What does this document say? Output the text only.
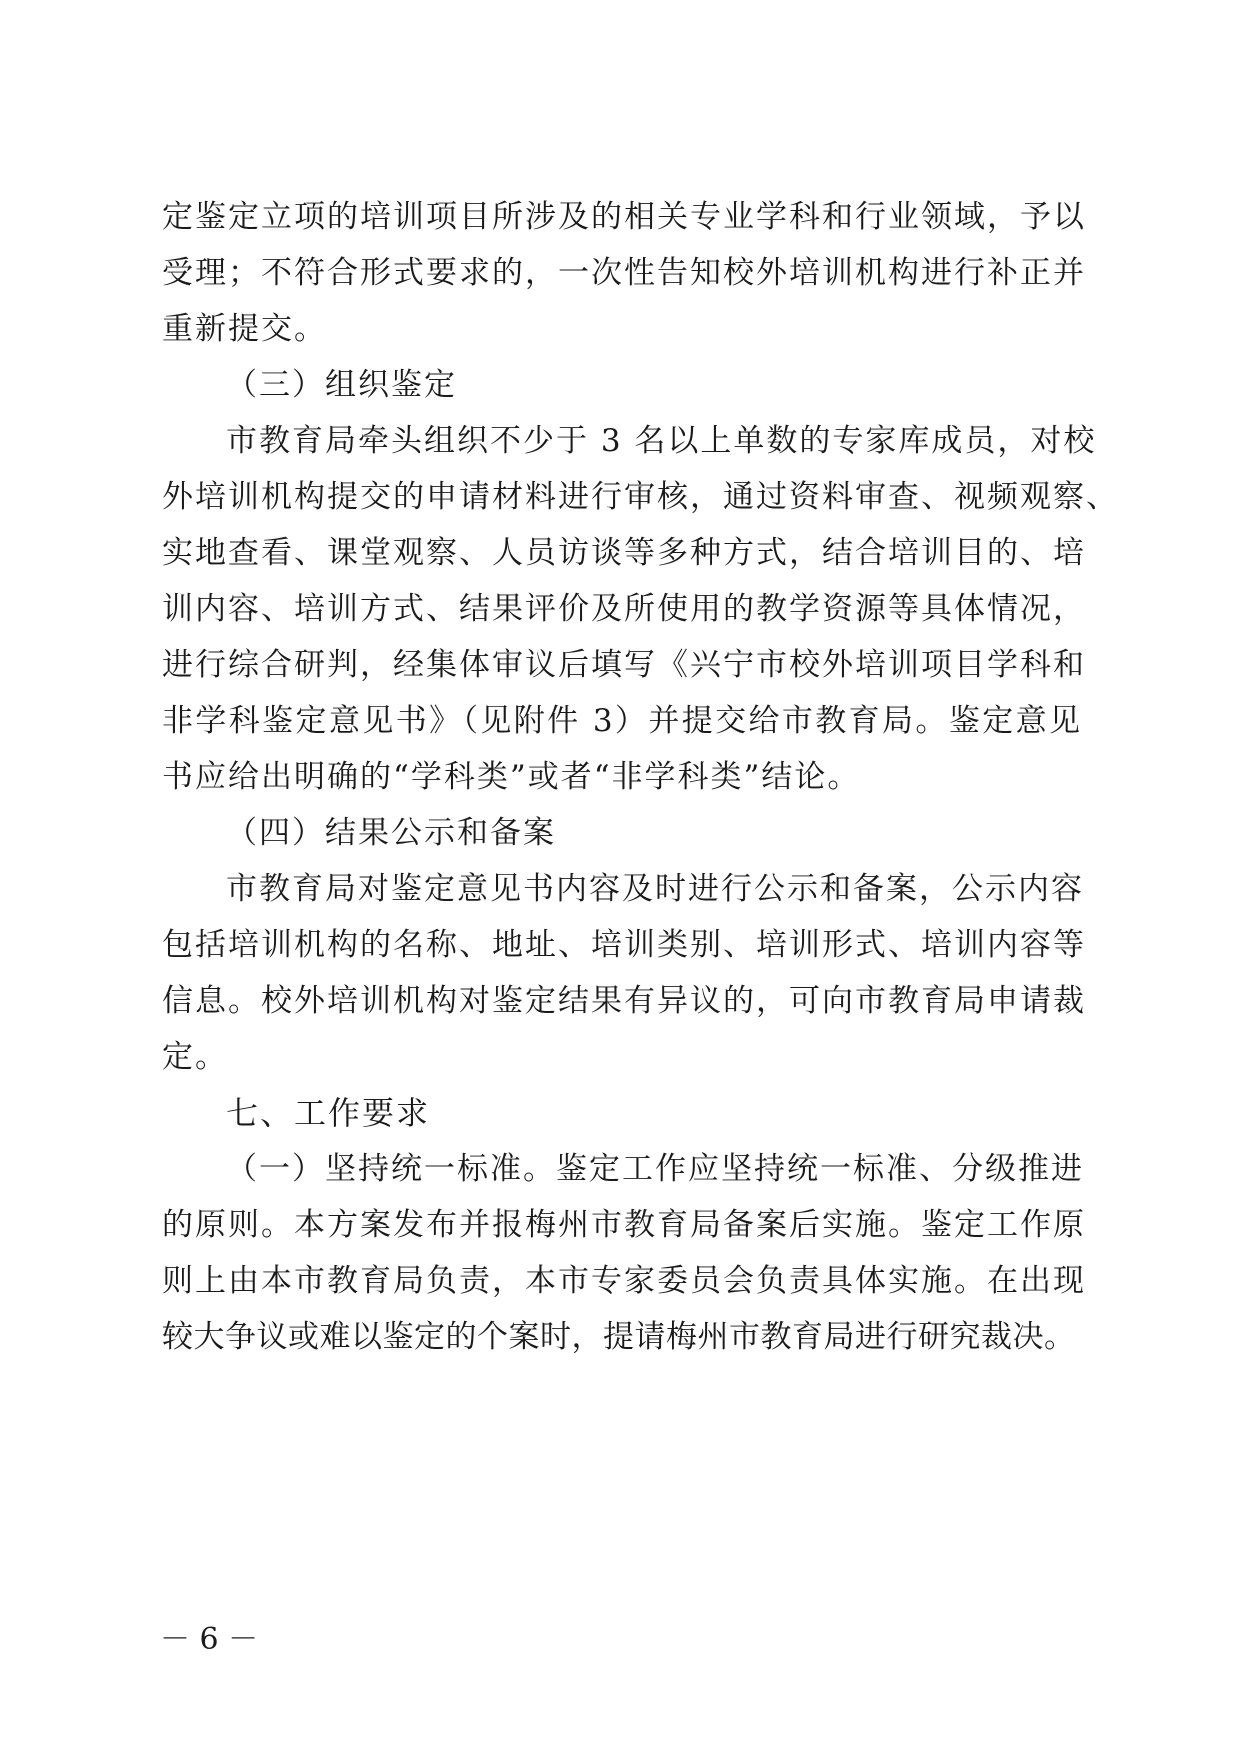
定鉴定立项的培训项目所涉及的相关专业学科和行业领域，予以
受理；不符合形式要求的，一次性告知校外培训机构进行补正并
重新提交。
（三）组织鉴定
市教育局牵头组织不少于 3 名以上单数的专家库成员，对校
外培训机构提交的申请材料进行审核，通过资料审查、视频观察、
实地查看、课堂观察、人员访谈等多种方式，结合培训目的、培
训内容、培训方式、结果评价及所使用的教学资源等具体情况，
进行综合研判，经集体审议后填写《兴宁市校外培训项目学科和
非学科鉴定意见书》（见附件 3）并提交给市教育局。鉴定意见
书应给出明确的“学科类”或者“非学科类”结论。
（四）结果公示和备案
市教育局对鉴定意见书内容及时进行公示和备案，公示内容
包括培训机构的名称、地址、培训类别、培训形式、培训内容等
信息。校外培训机构对鉴定结果有异议的，可向市教育局申请裁
定。
七、工作要求
（一）坚持统一标准。鉴定工作应坚持统一标准、分级推进
的原则。本方案发布并报梅州市教育局备案后实施。鉴定工作原
则上由本市教育局负责，本市专家委员会负责具体实施。在出现
较大争议或难以鉴定的个案时，提请梅州市教育局进行研究裁决。
－ 6 －
